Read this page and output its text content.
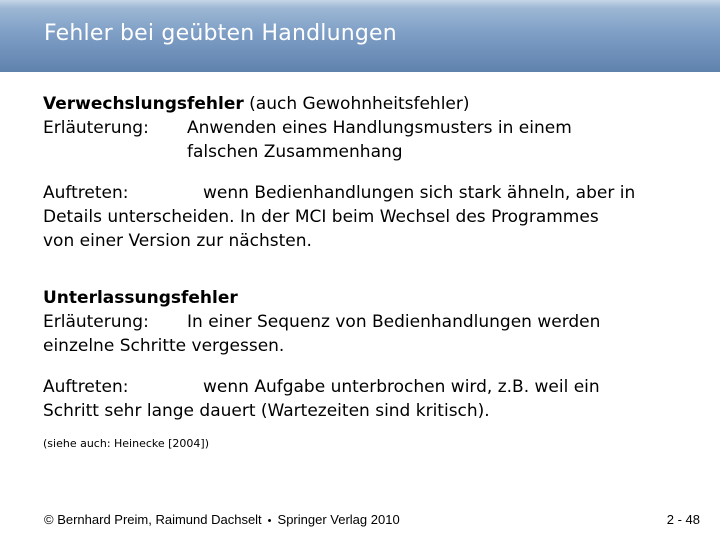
Fehler bei geübten Handlungen
Verwechslungsfehler (auch Gewohnheitsfehler)
Erläuterung: Anwenden eines Handlungsmusters in einem
falschen Zusammenhang
Auftreten:	wenn Bedienhandlungen sich stark ähneln, aber in
Details unterscheiden. In der MCI beim Wechsel des Programmes
von einer Version zur nächsten.
Unterlassungsfehler
Erläuterung: In einer Sequenz von Bedienhandlungen werden
einzelne Schritte vergessen.
Auftreten:	wenn Aufgabe unterbrochen wird, z.B. weil ein
Schritt sehr lange dauert (Wartezeiten sind kritisch).
(siehe auch: Heinecke [2004])
© Bernhard Preim, Raimund Dachselt • Springer Verlag 2010	2 - 48
